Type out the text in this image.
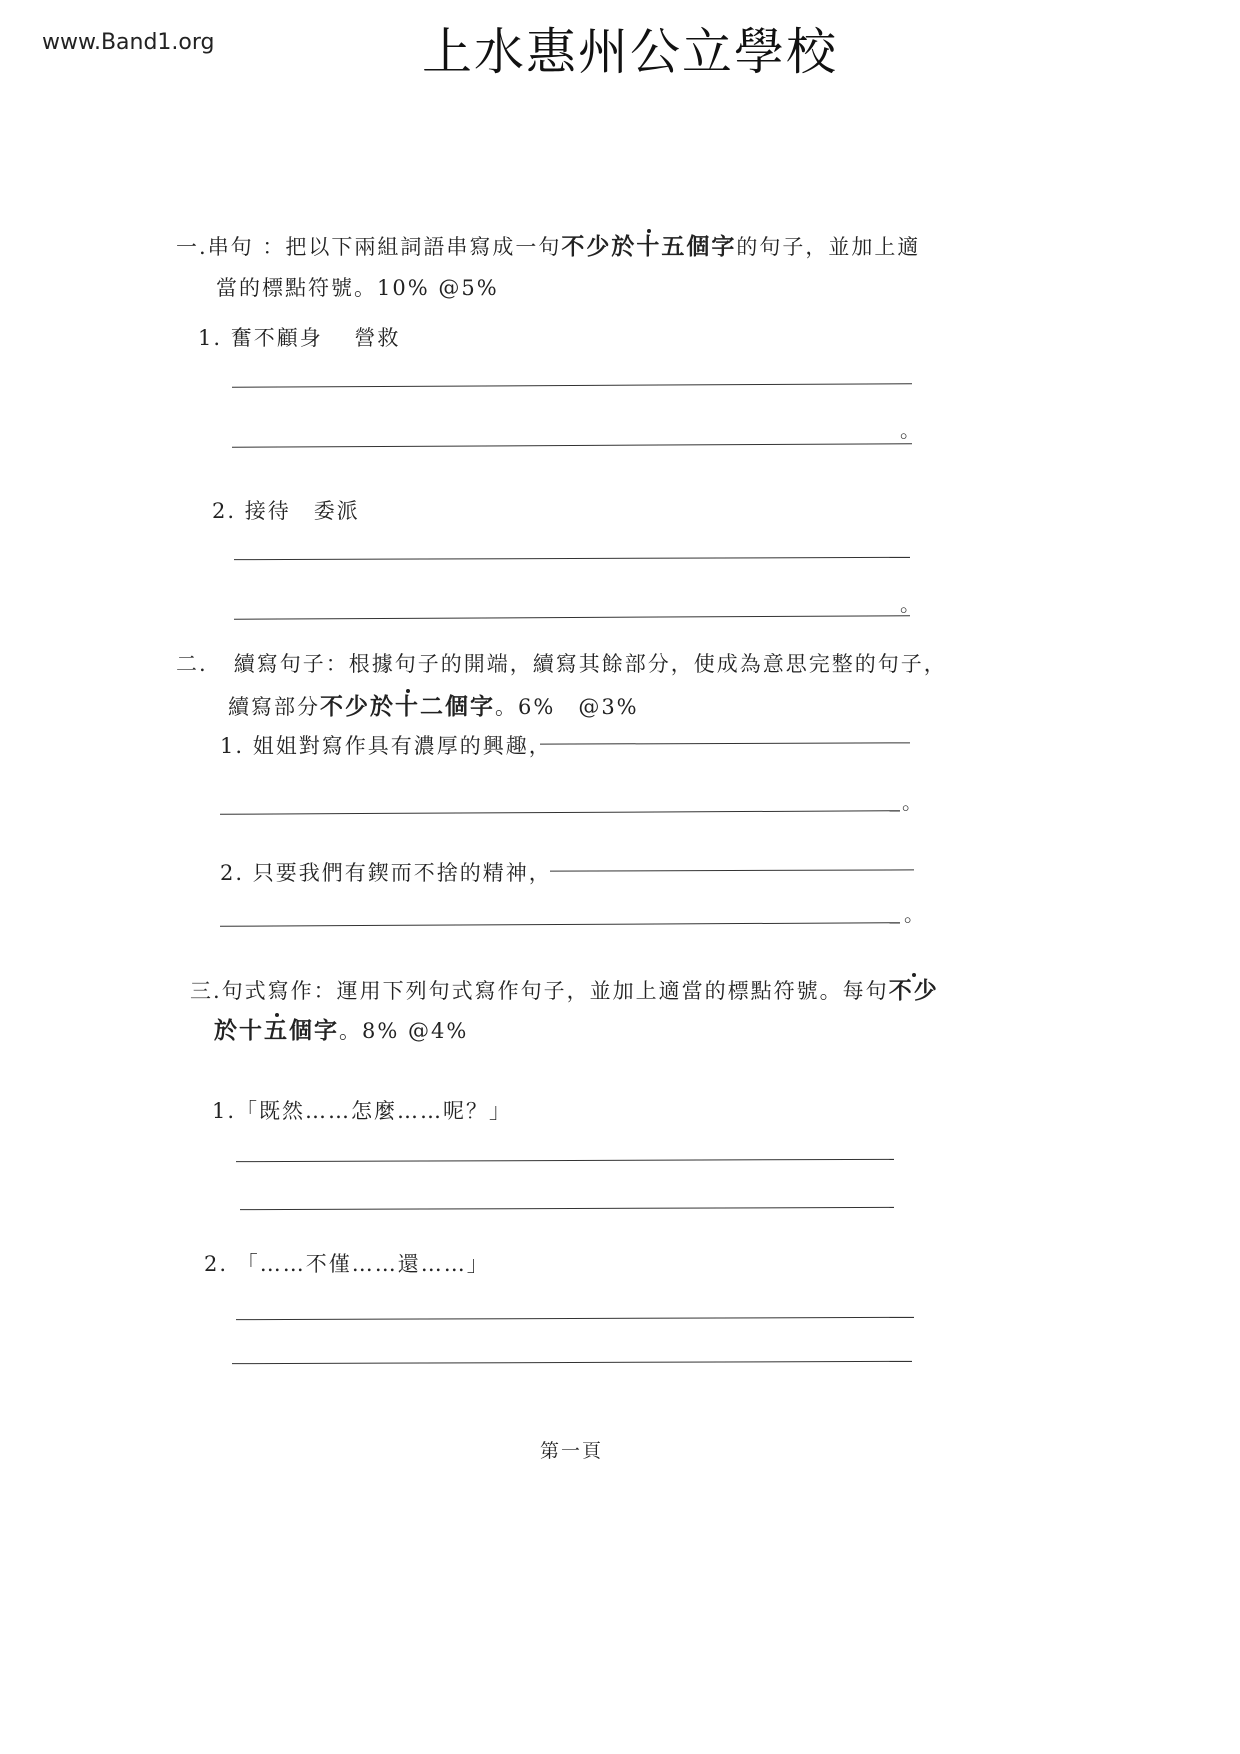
www.Band1.org	上水惠州公立學校
一.串句 ：把以下兩組詞語串寫成一句不少於十五個字的句子，並加上適
當的標點符號。10% @5%
1. 奮不顧身　 營救
。
2. 接待　委派
。
二. 續寫句子：根據句子的開端，續寫其餘部分，使成為意思完整的句子，
續寫部分不少於十二個字。6%　@3%
1. 姐姐對寫作具有濃厚的興趣，
。
2. 只要我們有鍥而不捨的精神，
。
三.句式寫作：運用下列句式寫作句子，並加上適當的標點符號。每句不少
於十五個字。8% @4%
1.「既然……怎麼……呢？」
2. 「……不僅……還……」
第一頁
